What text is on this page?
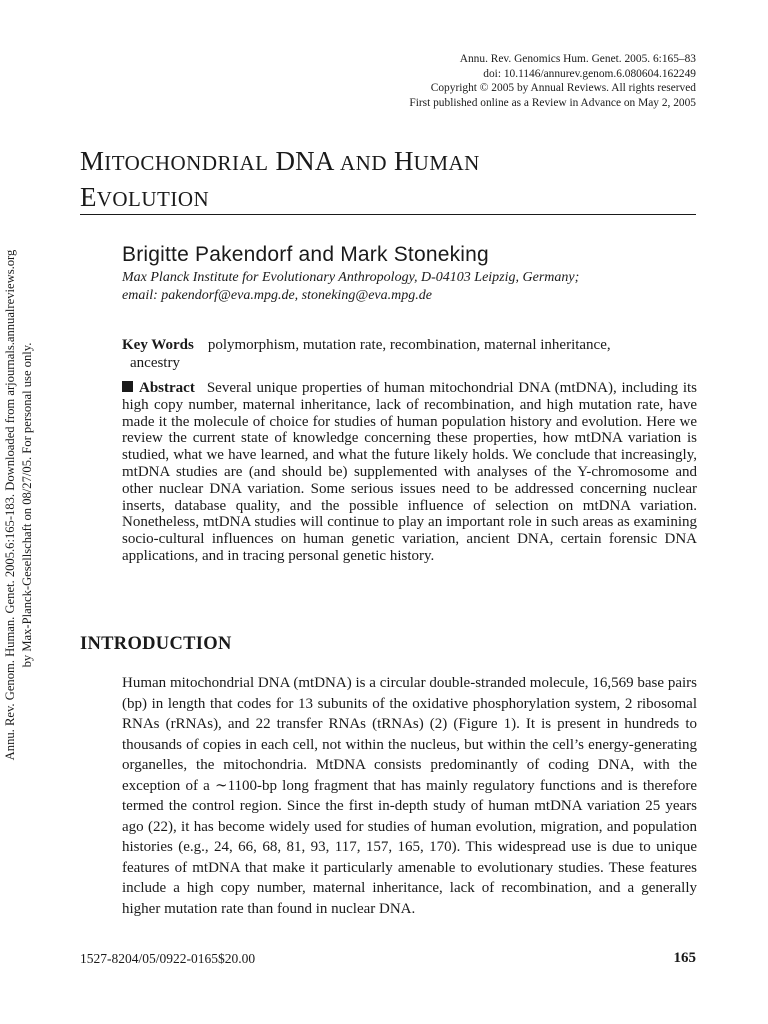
Annu. Rev. Genomics Hum. Genet. 2005. 6:165–83
doi: 10.1146/annurev.genom.6.080604.162249
Copyright © 2005 by Annual Reviews. All rights reserved
First published online as a Review in Advance on May 2, 2005
MITOCHONDRIAL DNA AND HUMAN
EVOLUTION
Brigitte Pakendorf and Mark Stoneking
Max Planck Institute for Evolutionary Anthropology, D-04103 Leipzig, Germany;
email: pakendorf@eva.mpg.de, stoneking@eva.mpg.de
Key Words polymorphism, mutation rate, recombination, maternal inheritance,
ancestry
Abstract Several unique properties of human mitochondrial DNA (mtDNA), including its high copy number, maternal inheritance, lack of recombination, and high mutation rate, have made it the molecule of choice for studies of human population history and evolution. Here we review the current state of knowledge concerning these properties, how mtDNA variation is studied, what we have learned, and what the future likely holds. We conclude that increasingly, mtDNA studies are (and should be) supplemented with analyses of the Y-chromosome and other nuclear DNA variation. Some serious issues need to be addressed concerning nuclear inserts, database quality, and the possible influence of selection on mtDNA variation. Nonetheless, mtDNA studies will continue to play an important role in such areas as examining socio-cultural influences on human genetic variation, ancient DNA, certain forensic DNA applications, and in tracing personal genetic history.
INTRODUCTION
Human mitochondrial DNA (mtDNA) is a circular double-stranded molecule, 16,569 base pairs (bp) in length that codes for 13 subunits of the oxidative phosphorylation system, 2 ribosomal RNAs (rRNAs), and 22 transfer RNAs (tRNAs) (2) (Figure 1). It is present in hundreds to thousands of copies in each cell, not within the nucleus, but within the cell’s energy-generating organelles, the mitochondria. MtDNA consists predominantly of coding DNA, with the exception of a ∼1100-bp long fragment that has mainly regulatory functions and is therefore termed the control region. Since the first in-depth study of human mtDNA variation 25 years ago (22), it has become widely used for studies of human evolution, migration, and population histories (e.g., 24, 66, 68, 81, 93, 117, 157, 165, 170). This widespread use is due to unique features of mtDNA that make it particularly amenable to evolutionary studies. These features include a high copy number, maternal inheritance, lack of recombination, and a generally higher mutation rate than found in nuclear DNA.
1527-8204/05/0922-0165$20.00	165
Annu. Rev. Genom. Human. Genet. 2005.6:165-183. Downloaded from arjournals.annualreviews.org by Max-Planck-Gesellschaft on 08/27/05. For personal use only.
